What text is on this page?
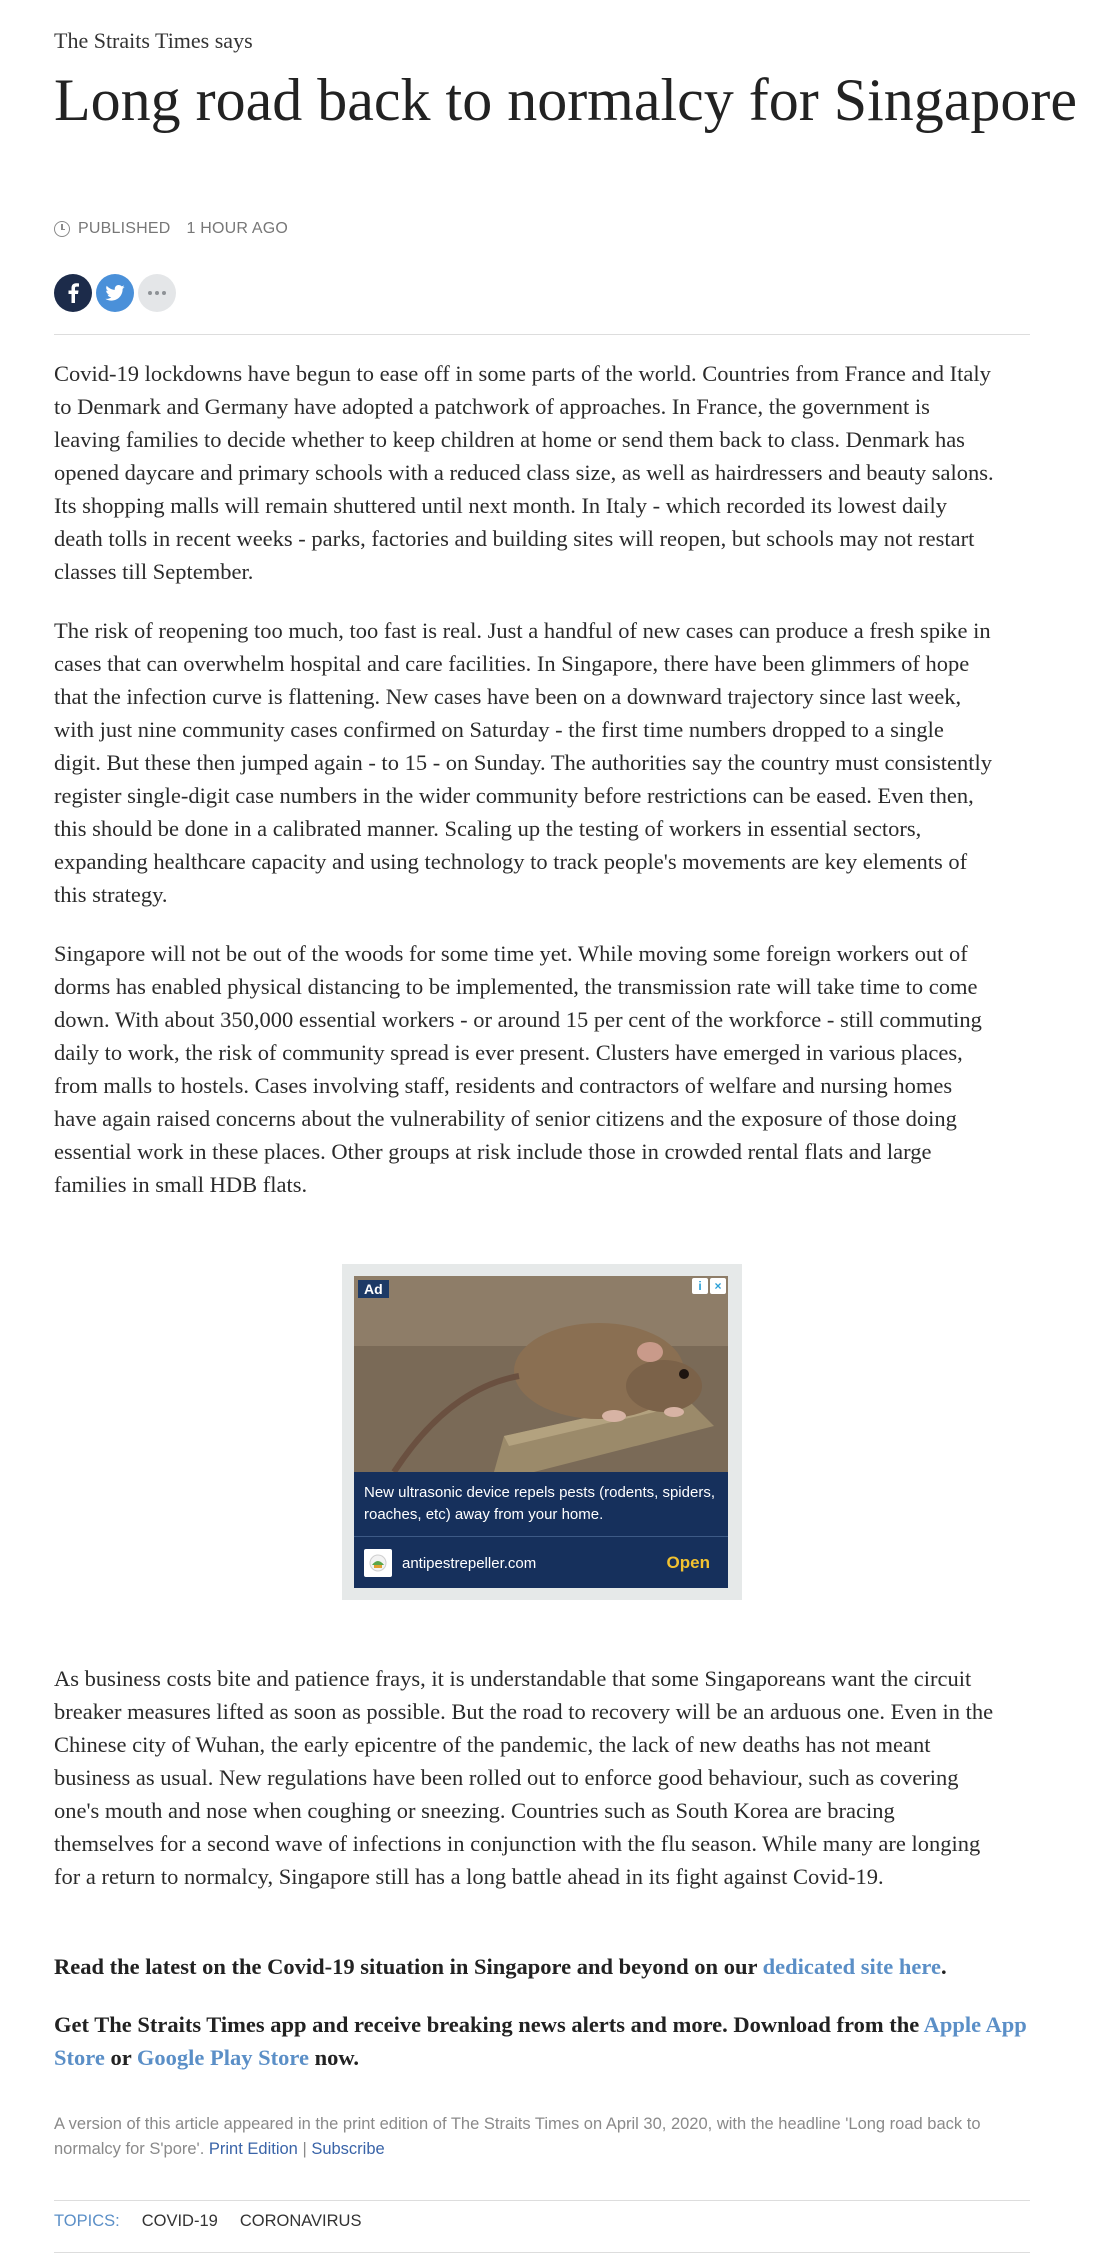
The Straits Times says

Long road back to normalcy for Singapore
PUBLISHED 1 HOUR AGO

Covid-19 lockdowns have begun to ease off in some parts of the world. Countries from France and Italy to Denmark and Germany have adopted a patchwork of approaches. In France, the government is leaving families to decide whether to keep children at home or send them back to class. Denmark has opened daycare and primary schools with a reduced class size, as well as hairdressers and beauty salons. Its shopping malls will remain shuttered until next month. In Italy - which recorded its lowest daily death tolls in recent weeks - parks, factories and building sites will reopen, but schools may not restart classes till September.

The risk of reopening too much, too fast is real. Just a handful of new cases can produce a fresh spike in cases that can overwhelm hospital and care facilities. In Singapore, there have been glimmers of hope that the infection curve is flattening. New cases have been on a downward trajectory since last week, with just nine community cases confirmed on Saturday - the first time numbers dropped to a single digit. But these then jumped again - to 15 - on Sunday. The authorities say the country must consistently register single-digit case numbers in the wider community before restrictions can be eased. Even then, this should be done in a calibrated manner. Scaling up the testing of workers in essential sectors, expanding healthcare capacity and using technology to track people's movements are key elements of this strategy.

Singapore will not be out of the woods for some time yet. While moving some foreign workers out of dorms has enabled physical distancing to be implemented, the transmission rate will take time to come down. With about 350,000 essential workers - or around 15 per cent of the workforce - still commuting daily to work, the risk of community spread is ever present. Clusters have emerged in various places, from malls to hostels. Cases involving staff, residents and contractors of welfare and nursing homes have again raised concerns about the vulnerability of senior citizens and the exposure of those doing essential work in these places. Other groups at risk include those in crowded rental flats and large families in small HDB flats.

Ad	i	×

New ultrasonic device repels pests (rodents, spiders, roaches, etc) away from your home.

antipestrepeller.com	Open

As business costs bite and patience frays, it is understandable that some Singaporeans want the circuit breaker measures lifted as soon as possible. But the road to recovery will be an arduous one. Even in the Chinese city of Wuhan, the early epicentre of the pandemic, the lack of new deaths has not meant business as usual. New regulations have been rolled out to enforce good behaviour, such as covering one's mouth and nose when coughing or sneezing. Countries such as South Korea are bracing themselves for a second wave of infections in conjunction with the flu season. While many are longing for a return to normalcy, Singapore still has a long battle ahead in its fight against Covid-19.

Read the latest on the Covid-19 situation in Singapore and beyond on our dedicated site here.

Get The Straits Times app and receive breaking news alerts and more. Download from the Apple App Store or Google Play Store now.

A version of this article appeared in the print edition of The Straits Times on April 30, 2020, with the headline 'Long road back to normalcy for S'pore'. Print Edition | Subscribe

TOPICS: COVID-19 CORONAVIRUS
